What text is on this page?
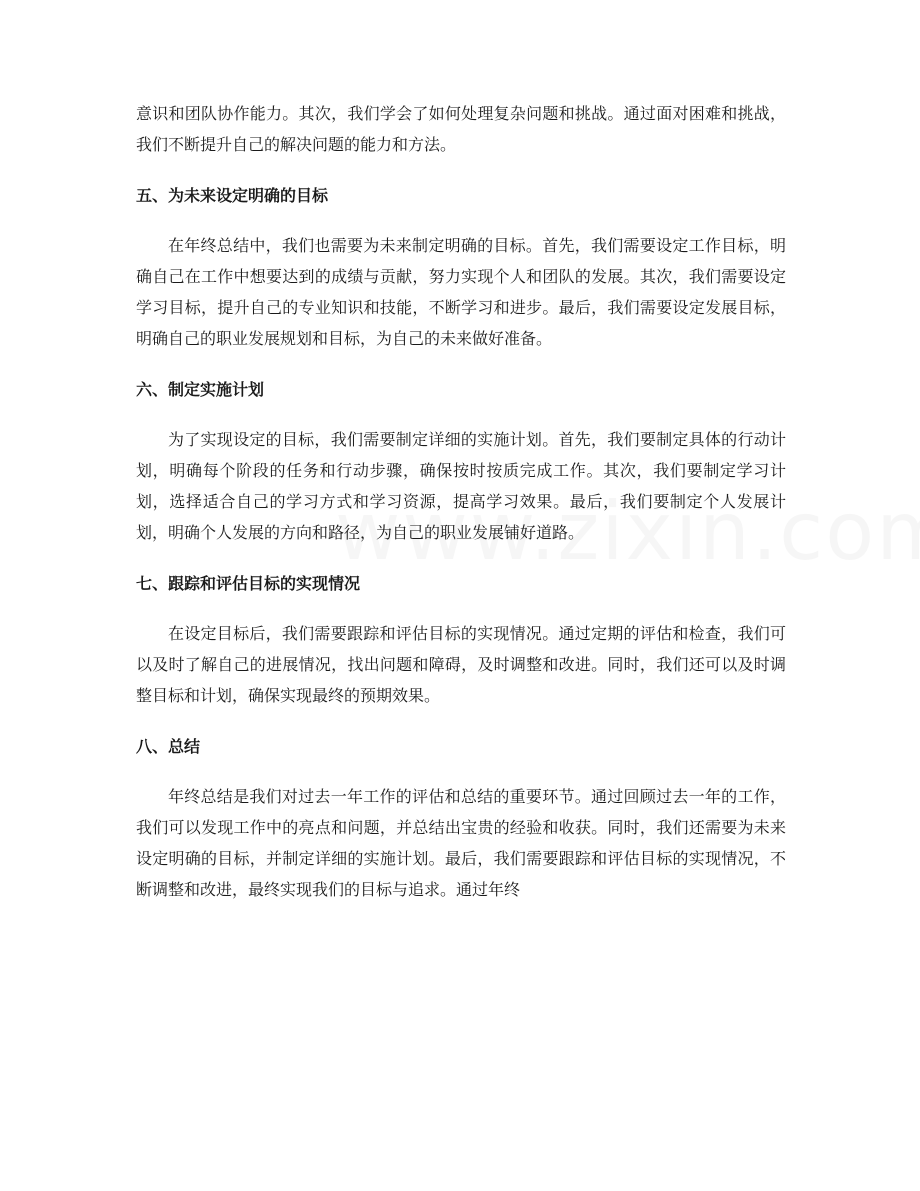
意识和团队协作能力。其次，我们学会了如何处理复杂问题和挑战。通过面对困难和挑战，我们不断提升自己的解决问题的能力和方法。

五、为未来设定明确的目标

在年终总结中，我们也需要为未来制定明确的目标。首先，我们需要设定工作目标，明确自己在工作中想要达到的成绩与贡献，努力实现个人和团队的发展。其次，我们需要设定学习目标，提升自己的专业知识和技能，不断学习和进步。最后，我们需要设定发展目标，明确自己的职业发展规划和目标，为自己的未来做好准备。

六、制定实施计划

为了实现设定的目标，我们需要制定详细的实施计划。首先，我们要制定具体的行动计划，明确每个阶段的任务和行动步骤，确保按时按质完成工作。其次，我们要制定学习计划，选择适合自己的学习方式和学习资源，提高学习效果。最后，我们要制定个人发展计划，明确个人发展的方向和路径，为自己的职业发展铺好道路。

七、跟踪和评估目标的实现情况

在设定目标后，我们需要跟踪和评估目标的实现情况。通过定期的评估和检查，我们可以及时了解自己的进展情况，找出问题和障碍，及时调整和改进。同时，我们还可以及时调整目标和计划，确保实现最终的预期效果。

八、总结

年终总结是我们对过去一年工作的评估和总结的重要环节。通过回顾过去一年的工作，我们可以发现工作中的亮点和问题，并总结出宝贵的经验和收获。同时，我们还需要为未来设定明确的目标，并制定详细的实施计划。最后，我们需要跟踪和评估目标的实现情况，不断调整和改进，最终实现我们的目标与追求。通过年终
